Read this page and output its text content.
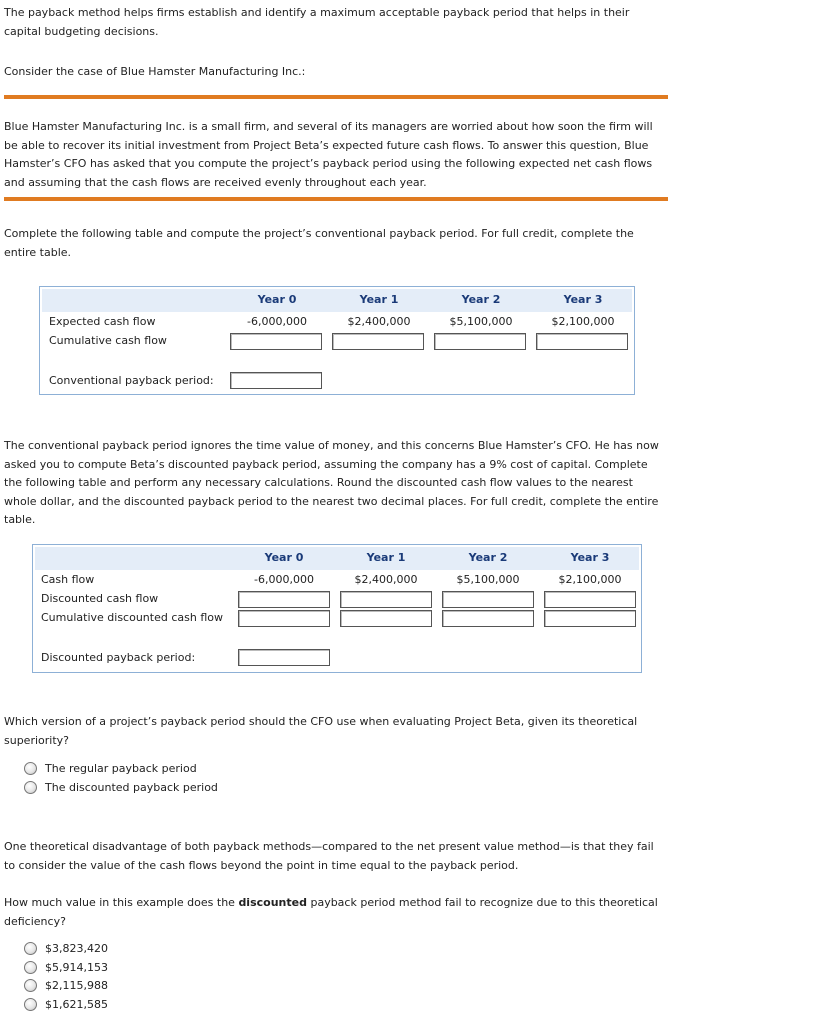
The payback method helps firms establish and identify a maximum acceptable payback period that helps in their capital budgeting decisions.

Consider the case of Blue Hamster Manufacturing Inc.:

Blue Hamster Manufacturing Inc. is a small firm, and several of its managers are worried about how soon the firm will be able to recover its initial investment from Project Beta’s expected future cash flows. To answer this question, Blue Hamster’s CFO has asked that you compute the project’s payback period using the following expected net cash flows and assuming that the cash flows are received evenly throughout each year.

Complete the following table and compute the project’s conventional payback period. For full credit, complete the entire table.

Year 0	Year 1	Year 2	Year 3
Expected cash flow	-6,000,000	$2,400,000	$5,100,000	$2,100,000
Cumulative cash flow
Conventional payback period:

The conventional payback period ignores the time value of money, and this concerns Blue Hamster’s CFO. He has now asked you to compute Beta’s discounted payback period, assuming the company has a 9% cost of capital. Complete the following table and perform any necessary calculations. Round the discounted cash flow values to the nearest whole dollar, and the discounted payback period to the nearest two decimal places. For full credit, complete the entire table.

Year 0	Year 1	Year 2	Year 3
Cash flow	-6,000,000	$2,400,000	$5,100,000	$2,100,000
Discounted cash flow
Cumulative discounted cash flow
Discounted payback period:

Which version of a project’s payback period should the CFO use when evaluating Project Beta, given its theoretical superiority?

The regular payback period
The discounted payback period

One theoretical disadvantage of both payback methods—compared to the net present value method—is that they fail to consider the value of the cash flows beyond the point in time equal to the payback period.

How much value in this example does the discounted payback period method fail to recognize due to this theoretical deficiency?

$3,823,420
$5,914,153
$2,115,988
$1,621,585
